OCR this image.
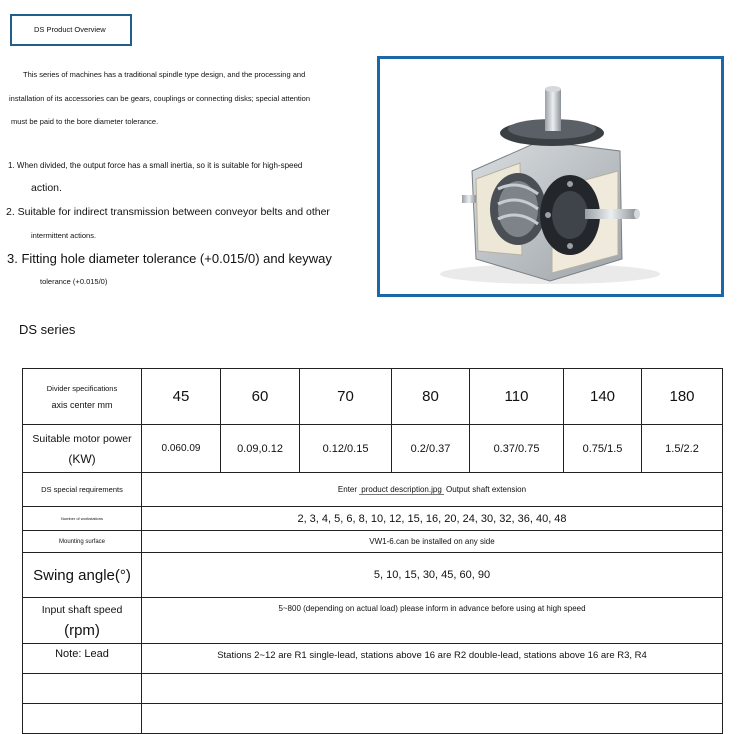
DS Product Overview
This series of machines has a traditional spindle type design, and the processing and
installation of its accessories can be gears, couplings or connecting disks; special attention
must be paid to the bore diameter tolerance.
1. When divided, the output force has a small inertia, so it is suitable for high-speed
action.
2. Suitable for indirect transmission between conveyor belts and other
intermittent actions.
3. Fitting hole diameter tolerance (+0.015/0) and keyway
tolerance (+0.015/0)
DS series
Divider specifications
axis center mm	45	60	70	80	110	140	180

Suitable motor power
(KW)	0.060.09	0.09,0.12	0.12/0.15	0.2/0.37	0.37/0.75	0.75/1.5	1.5/2.2
DS special requirements	Enter product description.jpg Output shaft extension						
Number of workstations	2, 3, 4, 5, 6, 8, 10, 12, 15, 16, 20, 24, 30, 32, 36, 40, 48						
Mounting surface	VW1-6.can be installed on any side						
Swing angle(°)	5, 10, 15, 30, 45, 60, 90						

Input shaft speed
(rpm)	5~800 (depending on actual load) please inform in advance before using at high speed						
Note: Lead	Stations 2~12 are R1 single-lead, stations above 16 are R2 double-lead, stations above 16 are R3, R4						
